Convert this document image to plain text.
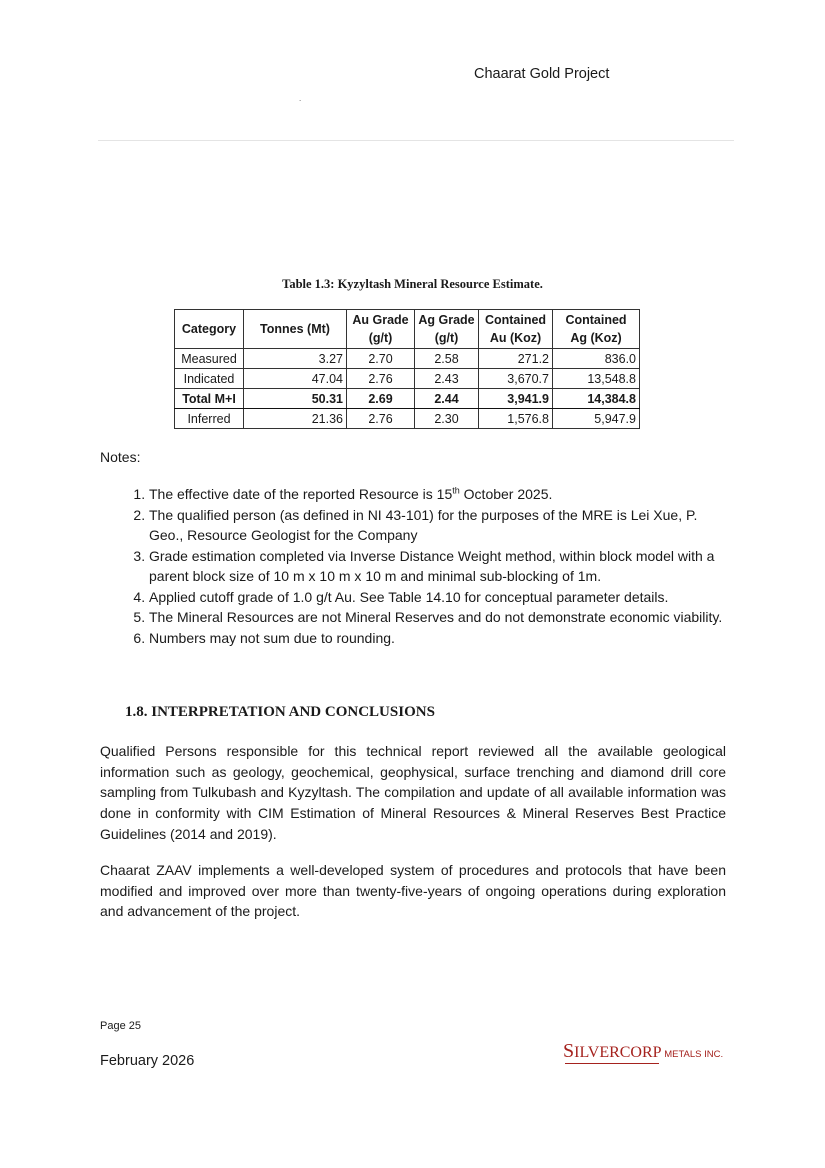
Chaarat Gold Project
.
Table 1.3: Kyzyltash Mineral Resource Estimate.
Category	Tonnes (Mt)	Au Grade (g/t)	Ag Grade (g/t)	Contained Au (Koz)	Contained Ag (Koz)
Measured	3.27	2.70	2.58	271.2	836.0
Indicated	47.04	2.76	2.43	3,670.7	13,548.8
Total M+I	50.31	2.69	2.44	3,941.9	14,384.8
Inferred	21.36	2.76	2.30	1,576.8	5,947.9
Notes:
1. The effective date of the reported Resource is 15th October 2025.
2. The qualified person (as defined in NI 43-101) for the purposes of the MRE is Lei Xue, P. Geo., Resource Geologist for the Company
3. Grade estimation completed via Inverse Distance Weight method, within block model with a parent block size of 10 m x 10 m x 10 m and minimal sub-blocking of 1m.
4. Applied cutoff grade of 1.0 g/t Au. See Table 14.10 for conceptual parameter details.
5. The Mineral Resources are not Mineral Reserves and do not demonstrate economic viability.
6. Numbers may not sum due to rounding.
1.8. INTERPRETATION AND CONCLUSIONS
Qualified Persons responsible for this technical report reviewed all the available geological information such as geology, geochemical, geophysical, surface trenching and diamond drill core sampling from Tulkubash and Kyzyltash. The compilation and update of all available information was done in conformity with CIM Estimation of Mineral Resources & Mineral Reserves Best Practice Guidelines (2014 and 2019).
Chaarat ZAAV implements a well-developed system of procedures and protocols that have been modified and improved over more than twenty-five-years of ongoing operations during exploration and advancement of the project.
Page 25
February 2026	SILVERCORP METALS INC.
